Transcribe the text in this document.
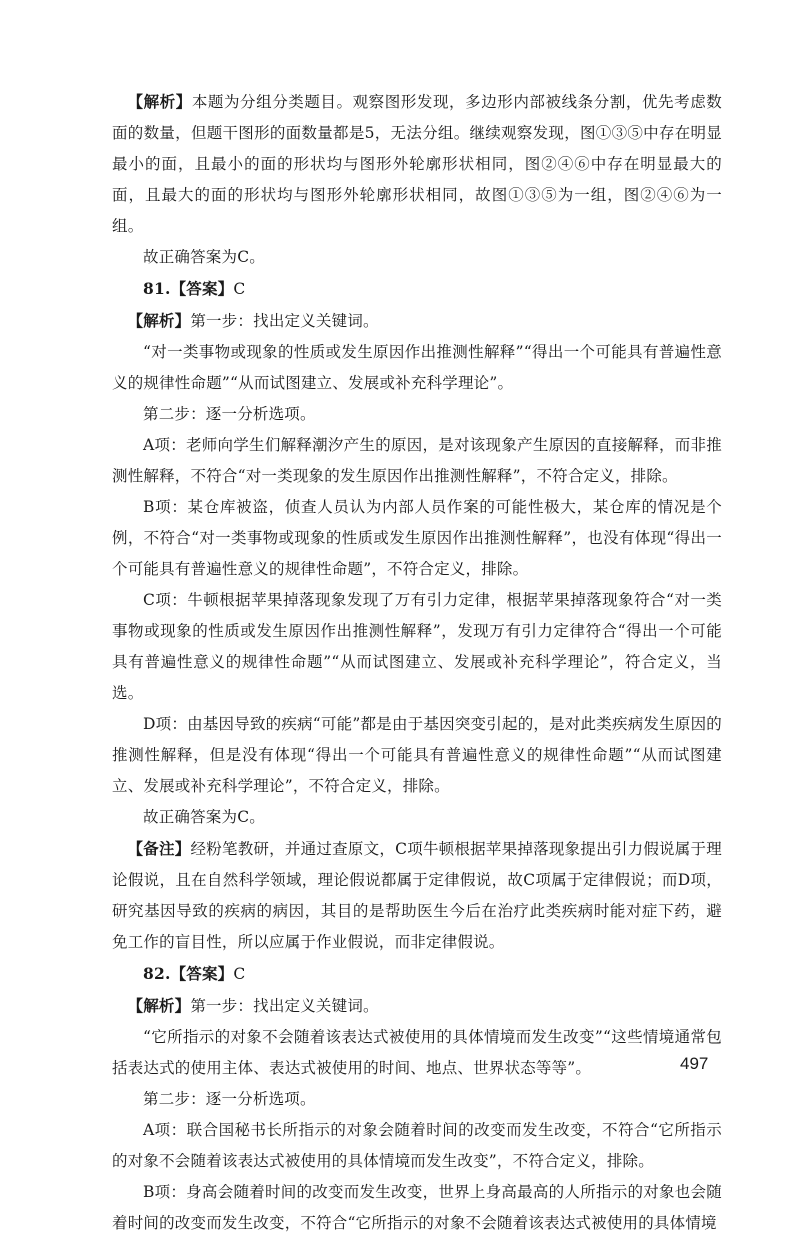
【解析】本题为分组分类题目。观察图形发现，多边形内部被线条分割，优先考虑数面的数量，但题干图形的面数量都是5，无法分组。继续观察发现，图①③⑤中存在明显最小的面，且最小的面的形状均与图形外轮廓形状相同，图②④⑥中存在明显最大的面，且最大的面的形状均与图形外轮廓形状相同，故图①③⑤为一组，图②④⑥为一组。

故正确答案为C。

81.【答案】C

【解析】第一步：找出定义关键词。

“对一类事物或现象的性质或发生原因作出推测性解释”“得出一个可能具有普遍性意义的规律性命题”“从而试图建立、发展或补充科学理论”。

第二步：逐一分析选项。

A项：老师向学生们解释潮汐产生的原因，是对该现象产生原因的直接解释，而非推测性解释，不符合“对一类现象的发生原因作出推测性解释”，不符合定义，排除。

B项：某仓库被盗，侦查人员认为内部人员作案的可能性极大，某仓库的情况是个例，不符合“对一类事物或现象的性质或发生原因作出推测性解释”，也没有体现“得出一个可能具有普遍性意义的规律性命题”，不符合定义，排除。

C项：牛顿根据苹果掉落现象发现了万有引力定律，根据苹果掉落现象符合“对一类事物或现象的性质或发生原因作出推测性解释”，发现万有引力定律符合“得出一个可能具有普遍性意义的规律性命题”“从而试图建立、发展或补充科学理论”，符合定义，当选。

D项：由基因导致的疾病“可能”都是由于基因突变引起的，是对此类疾病发生原因的推测性解释，但是没有体现“得出一个可能具有普遍性意义的规律性命题”“从而试图建立、发展或补充科学理论”，不符合定义，排除。

故正确答案为C。

【备注】经粉笔教研，并通过查原文，C项牛顿根据苹果掉落现象提出引力假说属于理论假说，且在自然科学领域，理论假说都属于定律假说，故C项属于定律假说；而D项，研究基因导致的疾病的病因，其目的是帮助医生今后在治疗此类疾病时能对症下药，避免工作的盲目性，所以应属于作业假说，而非定律假说。

82.【答案】C

【解析】第一步：找出定义关键词。

“它所指示的对象不会随着该表达式被使用的具体情境而发生改变”“这些情境通常包括表达式的使用主体、表达式被使用的时间、地点、世界状态等等”。

第二步：逐一分析选项。

A项：联合国秘书长所指示的对象会随着时间的改变而发生改变，不符合“它所指示的对象不会随着该表达式被使用的具体情境而发生改变”，不符合定义，排除。

B项：身高会随着时间的改变而发生改变，世界上身高最高的人所指示的对象也会随着时间的改变而发生改变，不符合“它所指示的对象不会随着该表达式被使用的具体情境

497
